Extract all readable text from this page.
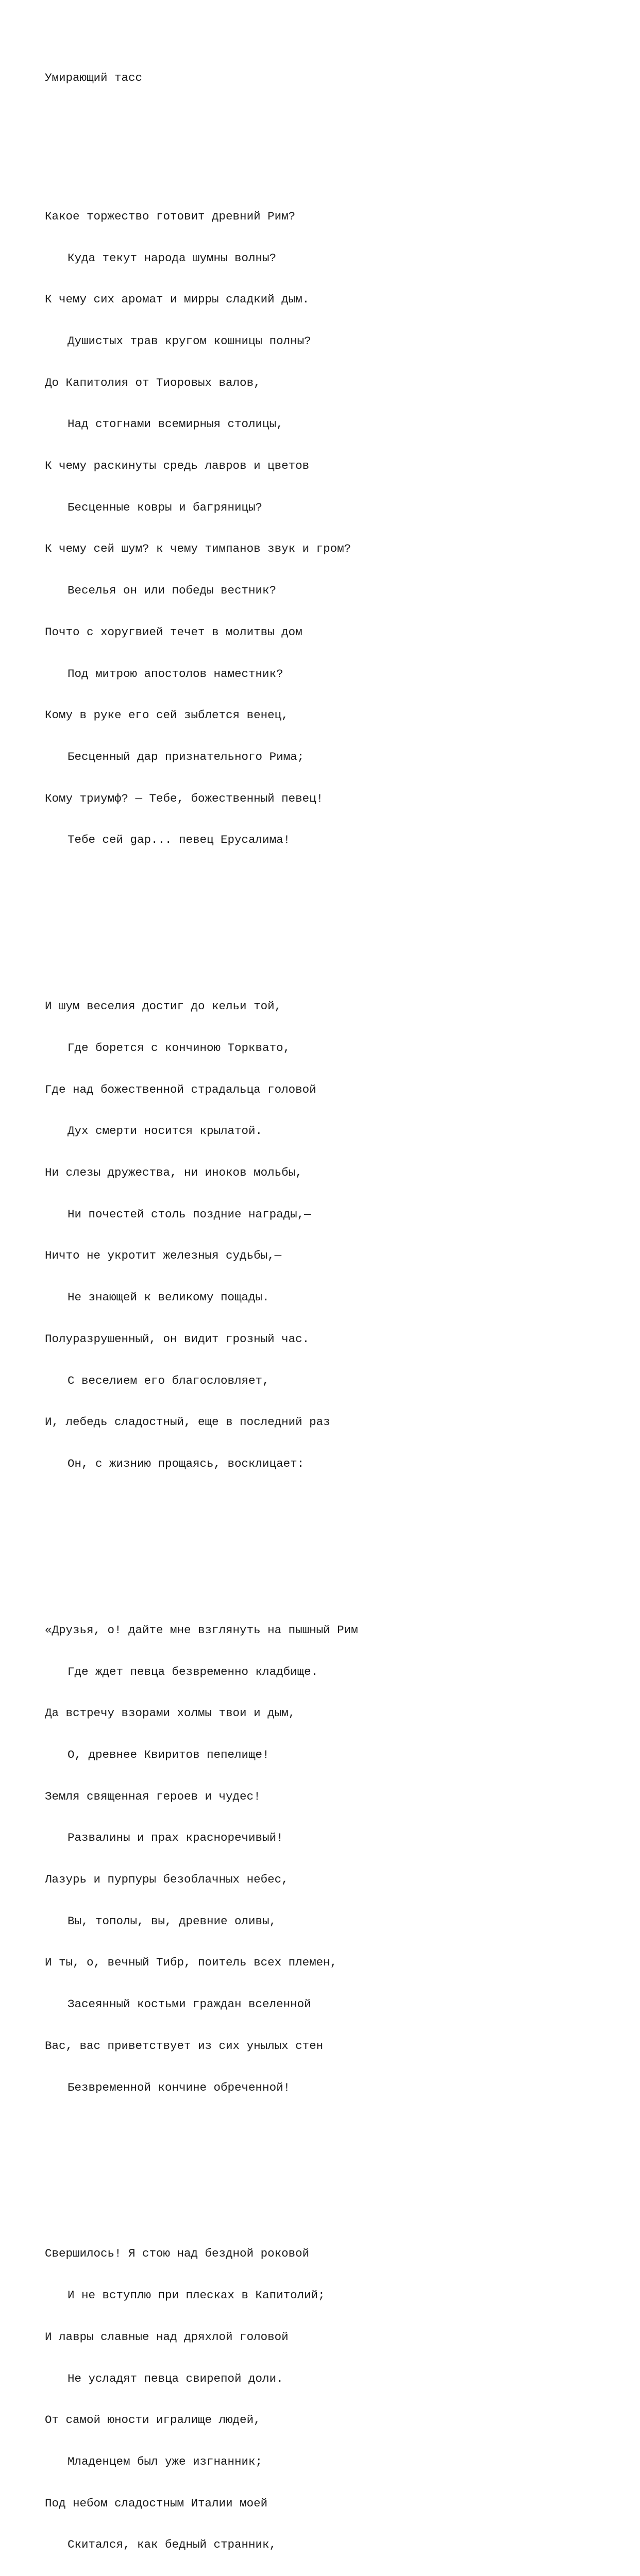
Умирающий тасс

Какое торжество готовит древний Рим?

Куда текут народа шумны волны?

К чему сих аромат и мирры сладкий дым.

Душистых трав кругом кошницы полны?

До Капитолия от Тиоровых валов,

Над стогнами всемирныя столицы,

К чему раскинуты средь лавров и цветов

Бесценные ковры и багряницы?

К чему сей шум? к чему тимпанов звук и гром?

Веселья он или победы вестник?

Почто с хоругвией течет в молитвы дом

Под митрою апостолов наместник?

Кому в руке его сей зыблется венец,

Бесценный дар признательного Рима;

Кому триумф? — Тебе, божественный певец!

Тебе сей gар... певец Ерусалима!

И шум веселия достиг до кельи той,

Где борется с кончиною Торквато,

Где над божественной страдальца головой

Дух смерти носится крылатой.

Ни слезы дружества, ни иноков мольбы,

Ни почестей столь поздние награды,—

Ничто не укротит железныя судьбы,—

Не знающей к великому пощады.

Полуразрушенный, он видит грозный час.

С веселием его благословляет,

И, лебедь сладостный, еще в последний раз

Он, с жизнию прощаясь, восклицает:

«Друзья, о! дайте мне взглянуть на пышный Рим

Где ждет певца безвременно кладбище.

Да встречу взорами холмы твои и дым,

О, древнее Квиритов пепелище!

Земля священная героев и чудес!

Развалины и прах красноречивый!

Лазурь и пурпуры безоблачных небес,

Вы, тополы, вы, древние оливы,

И ты, о, вечный Тибр, поитель всех племен,

Засеянный костьми граждан вселенной

Вас, вас приветствует из сих унылых стен

Безвременной кончине обреченной!

Свершилось! Я стою над бездной роковой

И не вступлю при плесках в Капитолий;

И лавры славные над дряхлой головой

Не усладят певца свирепой доли.

От самой юности игралище людей,

Младенцем был уже изгнанник;

Под небом сладостным Италии моей

Скитался, как бедный странник,
